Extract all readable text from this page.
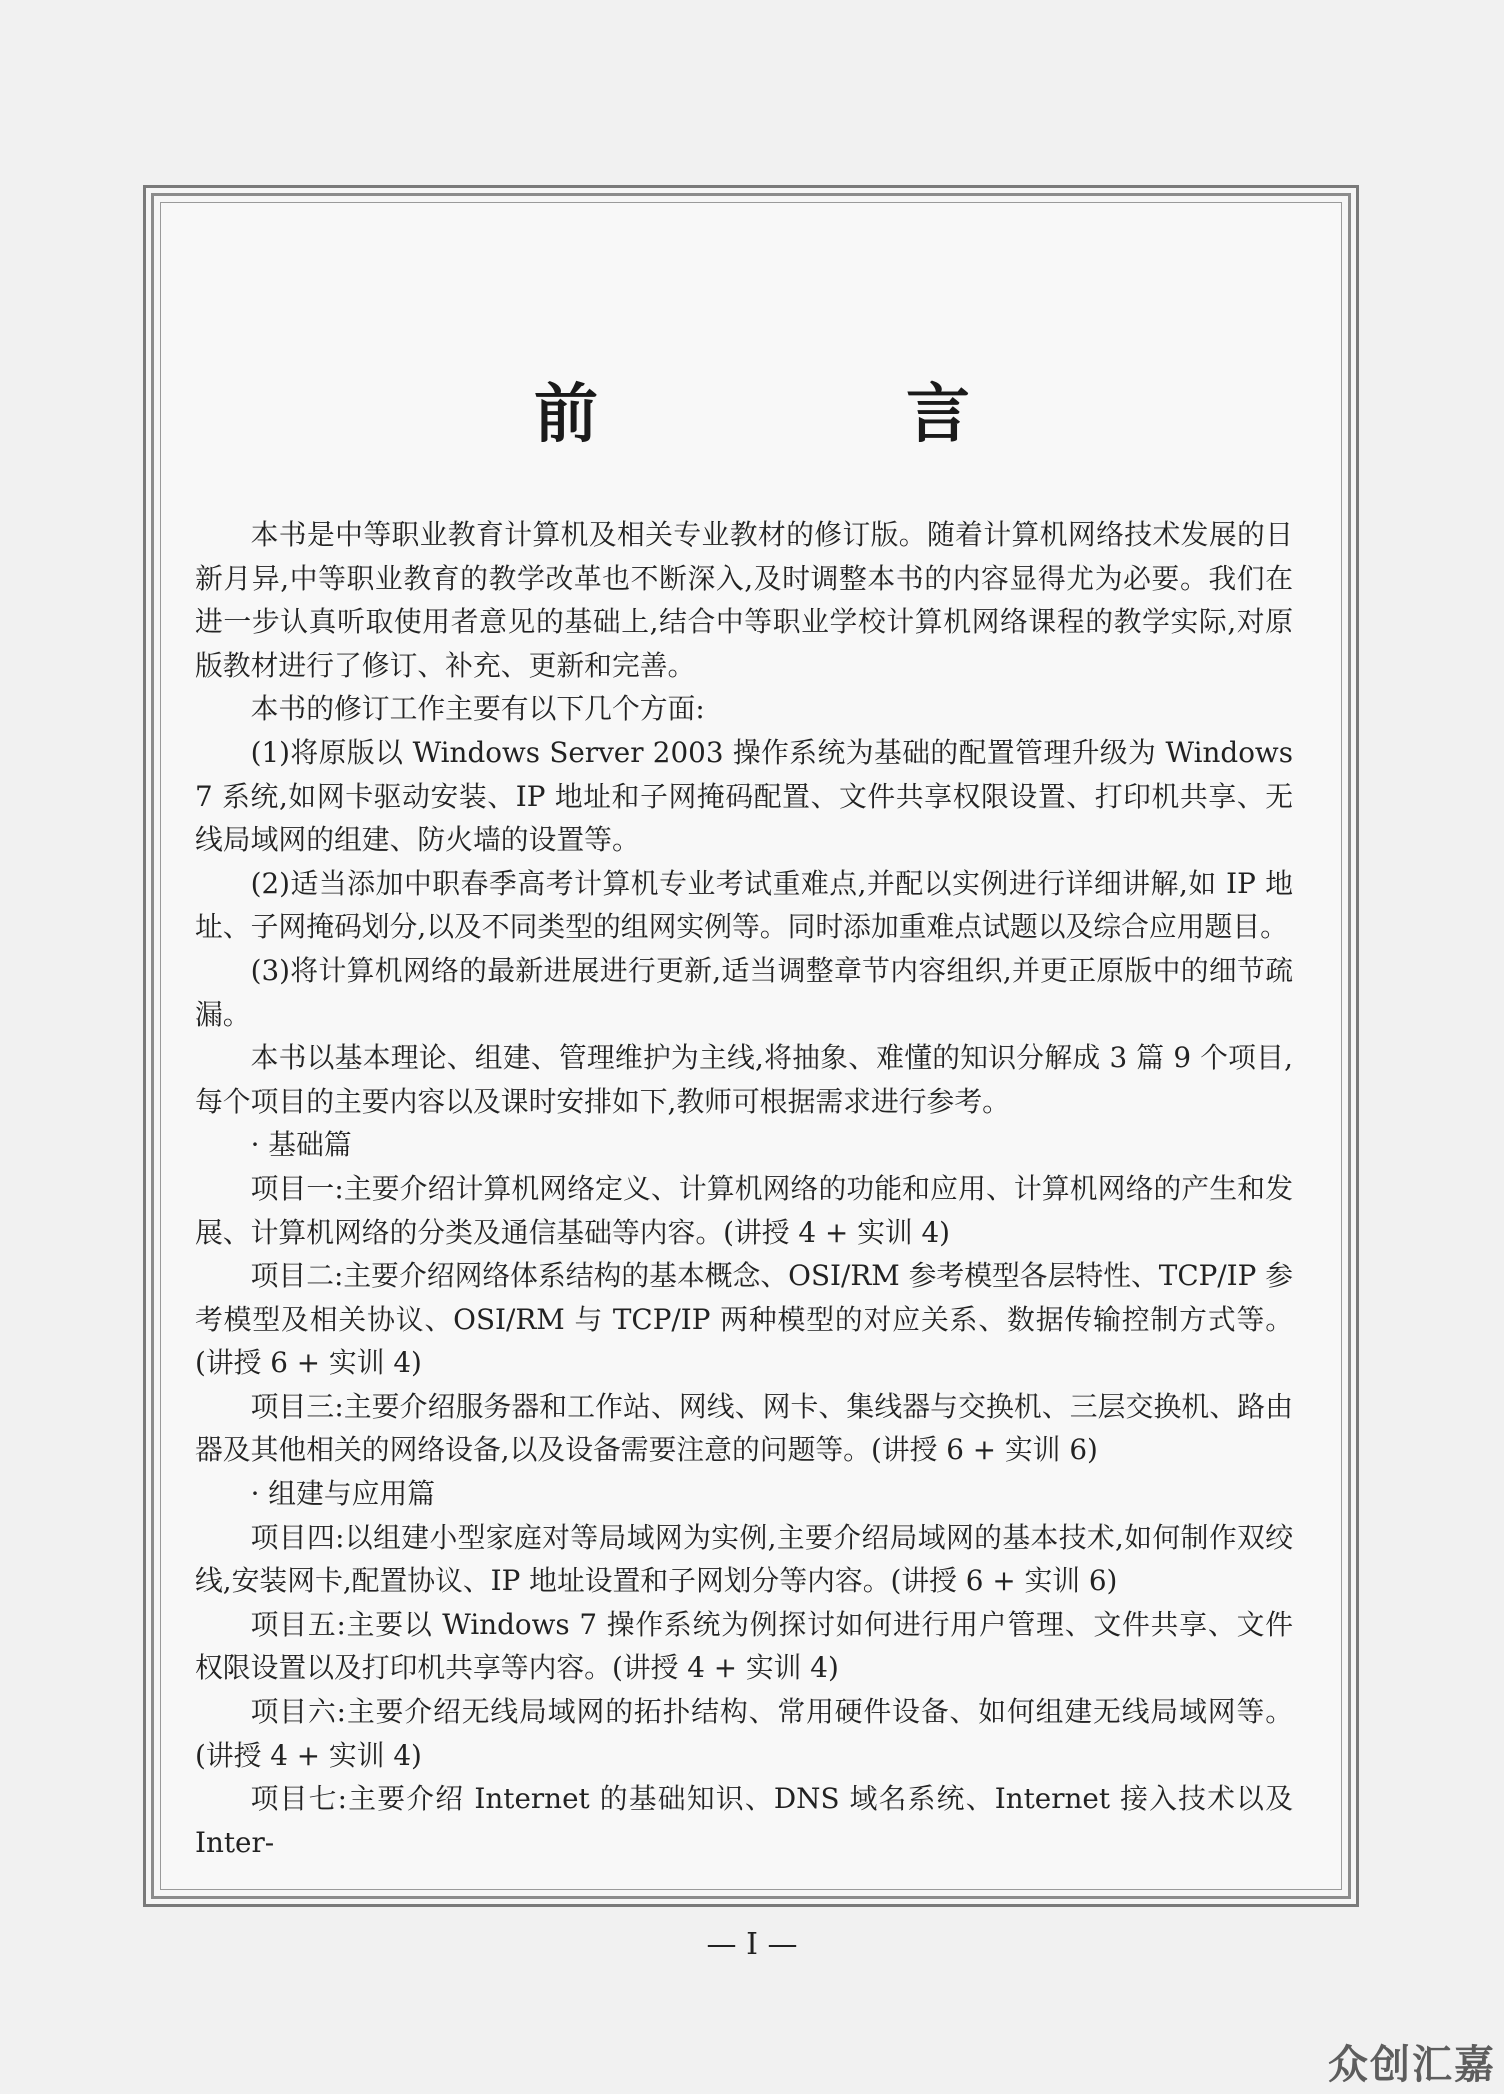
前　言

本书是中等职业教育计算机及相关专业教材的修订版。随着计算机网络技术发展的日新月异,中等职业教育的教学改革也不断深入,及时调整本书的内容显得尤为必要。我们在进一步认真听取使用者意见的基础上,结合中等职业学校计算机网络课程的教学实际,对原版教材进行了修订、补充、更新和完善。

本书的修订工作主要有以下几个方面:

(1)将原版以 Windows Server 2003 操作系统为基础的配置管理升级为 Windows 7 系统,如网卡驱动安装、IP 地址和子网掩码配置、文件共享权限设置、打印机共享、无线局域网的组建、防火墙的设置等。

(2)适当添加中职春季高考计算机专业考试重难点,并配以实例进行详细讲解,如 IP 地址、子网掩码划分,以及不同类型的组网实例等。同时添加重难点试题以及综合应用题目。

(3)将计算机网络的最新进展进行更新,适当调整章节内容组织,并更正原版中的细节疏漏。

本书以基本理论、组建、管理维护为主线,将抽象、难懂的知识分解成 3 篇 9 个项目,每个项目的主要内容以及课时安排如下,教师可根据需求进行参考。

· 基础篇

项目一:主要介绍计算机网络定义、计算机网络的功能和应用、计算机网络的产生和发展、计算机网络的分类及通信基础等内容。(讲授 4 + 实训 4)

项目二:主要介绍网络体系结构的基本概念、OSI/RM 参考模型各层特性、TCP/IP 参考模型及相关协议、OSI/RM 与 TCP/IP 两种模型的对应关系、数据传输控制方式等。(讲授 6 + 实训 4)

项目三:主要介绍服务器和工作站、网线、网卡、集线器与交换机、三层交换机、路由器及其他相关的网络设备,以及设备需要注意的问题等。(讲授 6 + 实训 6)

· 组建与应用篇

项目四:以组建小型家庭对等局域网为实例,主要介绍局域网的基本技术,如何制作双绞线,安装网卡,配置协议、IP 地址设置和子网划分等内容。(讲授 6 + 实训 6)

项目五:主要以 Windows 7 操作系统为例探讨如何进行用户管理、文件共享、文件权限设置以及打印机共享等内容。(讲授 4 + 实训 4)

项目六:主要介绍无线局域网的拓扑结构、常用硬件设备、如何组建无线局域网等。(讲授 4 + 实训 4)

项目七:主要介绍 Internet 的基础知识、DNS 域名系统、Internet 接入技术以及 Inter-

— I —
众创汇嘉
